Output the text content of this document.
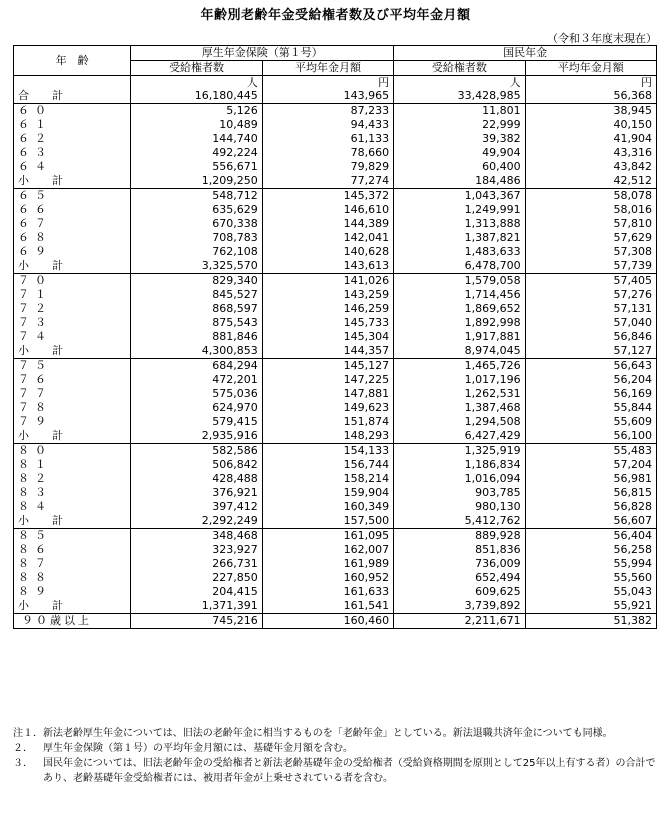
年齢別老齢年金受給権者数及び平均年金月額
（令和３年度末現在）
年　齢	厚生年金保険（第１号）		国民年金	
	受給権者数	平均年金月額	受給権者数	平均年金月額
	人	円	人	円
合　計	16,180,445	143,965	33,428,985	56,368
６０	5,126	87,233	11,801	38,945
６１	10,489	94,433	22,999	40,150
６２	144,740	61,133	39,382	41,904
６３	492,224	78,660	49,904	43,316
６４	556,671	79,829	60,400	43,842
小　計	1,209,250	77,274	184,486	42,512
６５	548,712	145,372	1,043,367	58,078
６６	635,629	146,610	1,249,991	58,016
６７	670,338	144,389	1,313,888	57,810
６８	708,783	142,041	1,387,821	57,629
６９	762,108	140,628	1,483,633	57,308
小　計	3,325,570	143,613	6,478,700	57,739
７０	829,340	141,026	1,579,058	57,405
７１	845,527	143,259	1,714,456	57,276
７２	868,597	146,259	1,869,652	57,131
７３	875,543	145,733	1,892,998	57,040
７４	881,846	145,304	1,917,881	56,846
小　計	4,300,853	144,357	8,974,045	57,127
７５	684,294	145,127	1,465,726	56,643
７６	472,201	147,225	1,017,196	56,204
７７	575,036	147,881	1,262,531	56,169
７８	624,970	149,623	1,387,468	55,844
７９	579,415	151,874	1,294,508	55,609
小　計	2,935,916	148,293	6,427,429	56,100
８０	582,586	154,133	1,325,919	55,483
８１	506,842	156,744	1,186,834	57,204
８２	428,488	158,214	1,016,094	56,981
８３	376,921	159,904	903,785	56,815
８４	397,412	160,349	980,130	56,828
小　計	2,292,249	157,500	5,412,762	56,607
８５	348,468	161,095	889,928	56,404
８６	323,927	162,007	851,836	56,258
８７	266,731	161,989	736,009	55,994
８８	227,850	160,952	652,494	55,560
８９	204,415	161,633	609,625	55,043
小　計	1,371,391	161,541	3,739,892	55,921
９０歳以上	745,216	160,460	2,211,671	51,382
注１． 新法老齢厚生年金については、旧法の老齢年金に相当するものを「老齢年金」としている。新法退職共済年金についても同様。
２．	厚生年金保険（第１号）の平均年金月額には、基礎年金月額を含む。
３．	国民年金については、旧法老齢年金の受給権者と新法老齢基礎年金の受給権者（受給資格期間を原則として25年以上有する者）の合計であり、老齢基礎年金受給権者には、被用者年金が上乗せされている者を含む。
